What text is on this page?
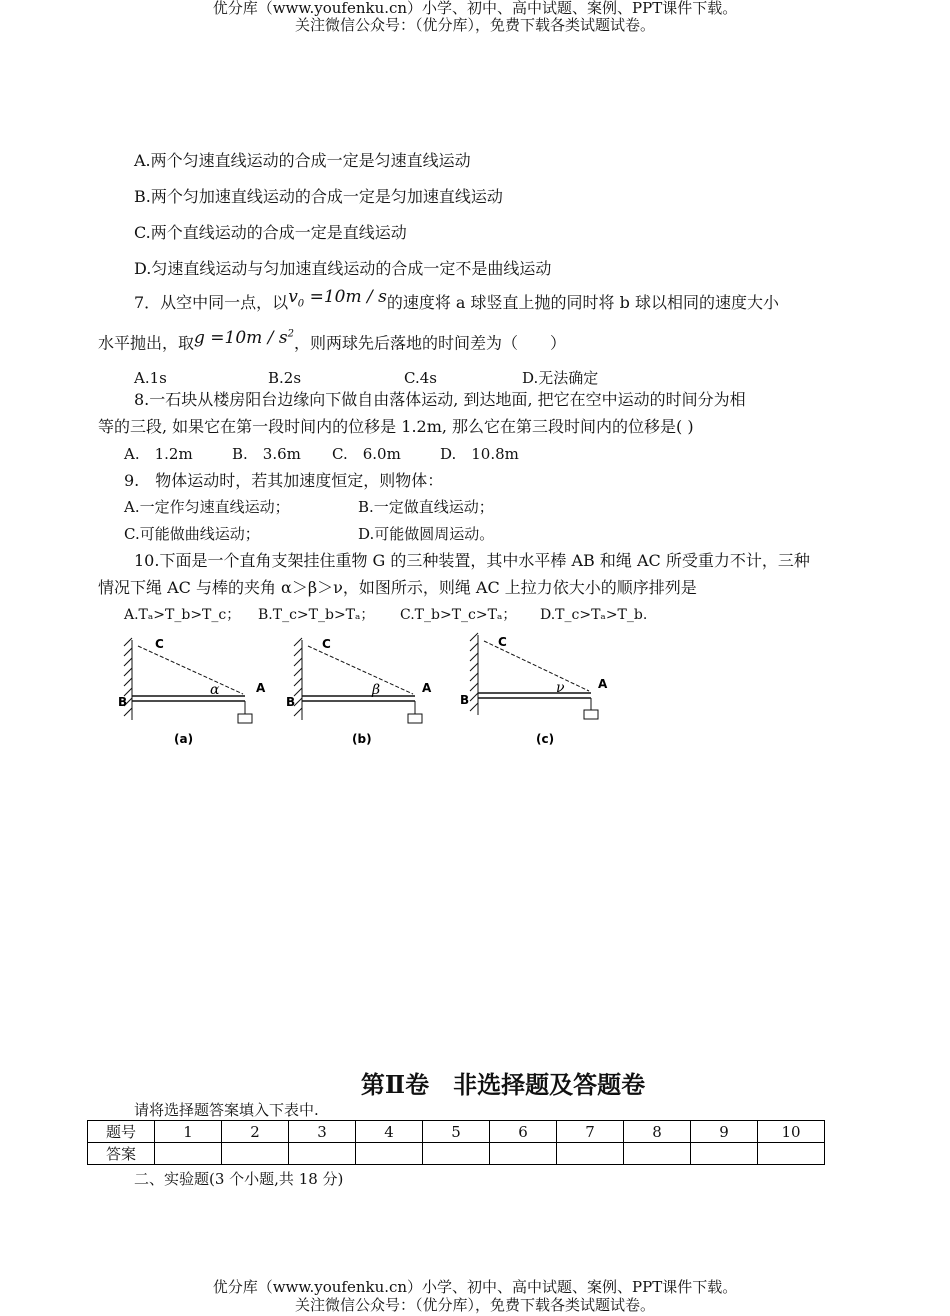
优分库（www.youfenku.cn）小学、初中、高中试题、案例、PPT课件下载。
关注微信公众号：（优分库），免费下载各类试题试卷。
A.两个匀速直线运动的合成一定是匀速直线运动
B.两个匀加速直线运动的合成一定是匀加速直线运动
C.两个直线运动的合成一定是直线运动
D.匀速直线运动与匀加速直线运动的合成一定不是曲线运动
7．从空中同一点，以$v_0 =10m / s$的速度将 a 球竖直上抛的同时将 b 球以相同的速度大小
水平抛出，取$g =10m / s^2$，则两球先后落地的时间差为（　　）
A.1s	B.2s	C.4s	D.无法确定
8.一石块从楼房阳台边缘向下做自由落体运动, 到达地面, 把它在空中运动的时间分为相
等的三段, 如果它在第一段时间内的位移是 1.2m, 那么它在第三段时间内的位移是( )
A.　1.2m	B.　3.6m C.　6.0m	D.　10.8m
9.　物体运动时，若其加速度恒定，则物体：
A.一定作匀速直线运动；	B.一定做直线运动；
C.可能做曲线运动；	D.可能做圆周运动。
10.下面是一个直角支架挂住重物 G 的三种装置，其中水平棒 AB 和绳 AC 所受重力不计，三种
情况下绳 AC 与棒的夹角 α＞β＞ν，如图所示，则绳 AC 上拉力依大小的顺序排列是
A.Tₐ>T_b>T_c； B.T_c>T_b>Tₐ； C.T_b>T_c>Tₐ； D.T_c>Tₐ>T_b.
C
B
A
α
(a)
C
B
A
β
(b)
C
B
A
ν
(c)
第Ⅱ卷　非选择题及答题卷
请将选择题答案填入下表中.
题号	1	2	3	4	5	6	7	8	9	10
答案										
二、实验题(3 个小题,共 18 分)
优分库（www.youfenku.cn）小学、初中、高中试题、案例、PPT课件下载。
关注微信公众号：（优分库），免费下载各类试题试卷。
